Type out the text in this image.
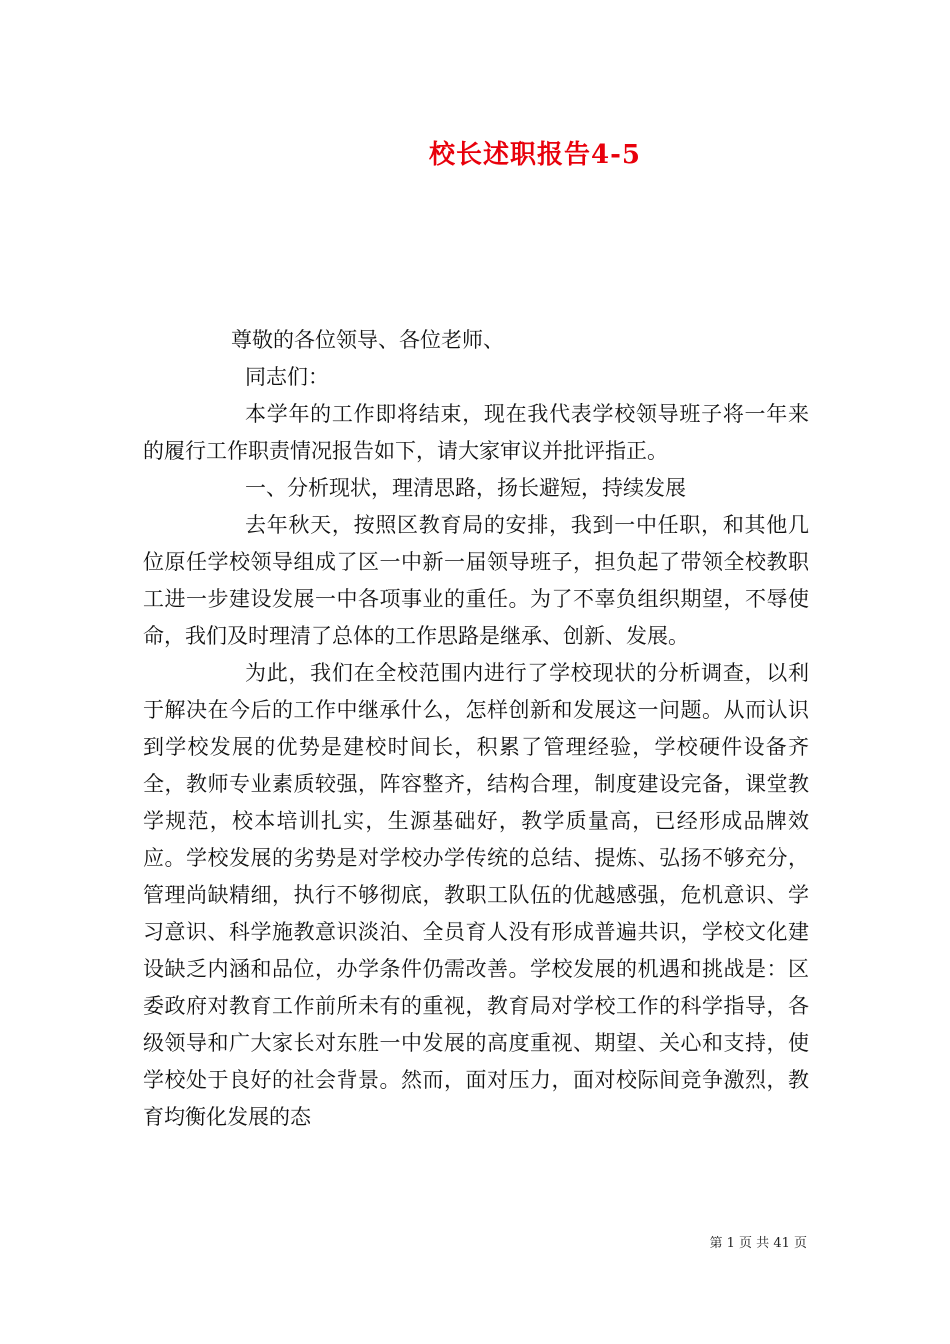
校长述职报告4-5

尊敬的各位领导、各位老师、

同志们：

本学年的工作即将结束，现在我代表学校领导班子将一年来的履行工作职责情况报告如下，请大家审议并批评指正。

一、分析现状，理清思路，扬长避短，持续发展

去年秋天，按照区教育局的安排，我到一中任职，和其他几位原任学校领导组成了区一中新一届领导班子，担负起了带领全校教职工进一步建设发展一中各项事业的重任。为了不辜负组织期望，不辱使命，我们及时理清了总体的工作思路是继承、创新、发展。

为此，我们在全校范围内进行了学校现状的分析调查，以利于解决在今后的工作中继承什么，怎样创新和发展这一问题。从而认识到学校发展的优势是建校时间长，积累了管理经验，学校硬件设备齐全，教师专业素质较强，阵容整齐，结构合理，制度建设完备，课堂教学规范，校本培训扎实，生源基础好，教学质量高，已经形成品牌效应。学校发展的劣势是对学校办学传统的总结、提炼、弘扬不够充分，管理尚缺精细，执行不够彻底，教职工队伍的优越感强，危机意识、学习意识、科学施教意识淡泊、全员育人没有形成普遍共识，学校文化建设缺乏内涵和品位，办学条件仍需改善。学校发展的机遇和挑战是：区委政府对教育工作前所未有的重视，教育局对学校工作的科学指导，各级领导和广大家长对东胜一中发展的高度重视、期望、关心和支持，使学校处于良好的社会背景。然而，面对压力，面对校际间竞争激烈，教育均衡化发展的态

第 1 页 共 41 页
